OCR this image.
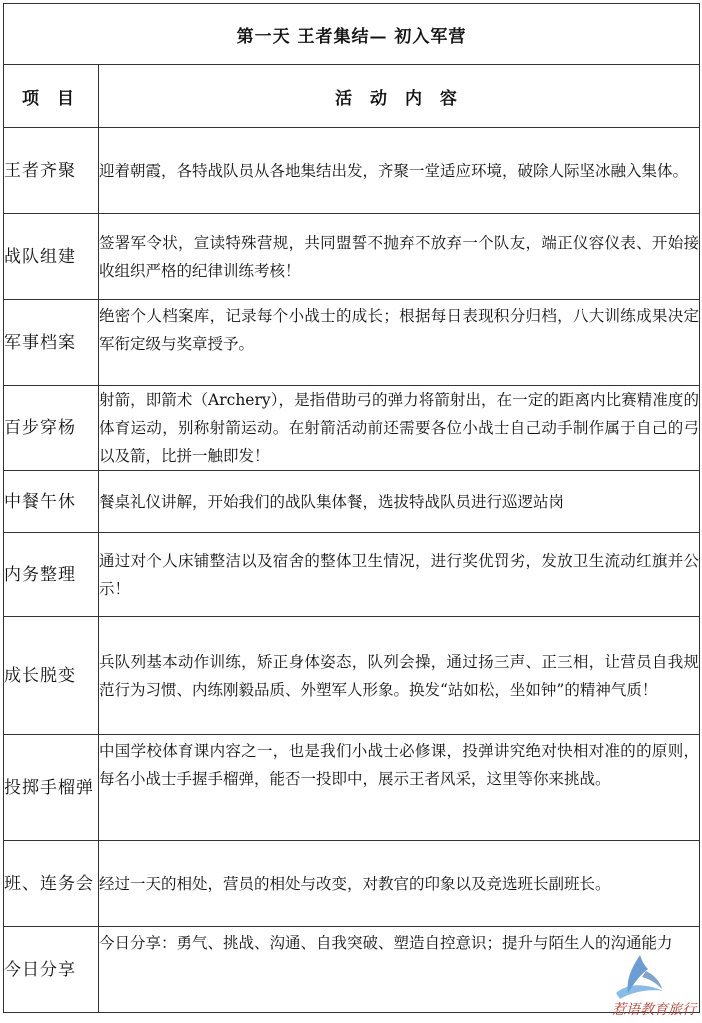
第一天 王者集结— 初入军营	
项 目	活 动 内 容
王者齐聚	迎着朝霞，各特战队员从各地集结出发，齐聚一堂适应环境，破除人际坚冰融入集体。
战队组建	签署军令状，宣读特殊营规，共同盟誓不抛弃不放弃一个队友，端正仪容仪表、开始接收组织严格的纪律训练考核！
军事档案	绝密个人档案库，记录每个小战士的成长；根据每日表现积分归档，八大训练成果决定军衔定级与奖章授予。
百步穿杨	射箭，即箭术（Archery），是指借助弓的弹力将箭射出，在一定的距离内比赛精准度的体育运动，别称射箭运动。在射箭活动前还需要各位小战士自己动手制作属于自己的弓以及箭，比拼一触即发！
中餐午休	餐桌礼仪讲解，开始我们的战队集体餐，选拔特战队员进行巡逻站岗
内务整理	通过对个人床铺整洁以及宿舍的整体卫生情况，进行奖优罚劣，发放卫生流动红旗并公示！
成长脱变	兵队列基本动作训练，矫正身体姿态，队列会操，通过扬三声、正三相，让营员自我规范行为习惯、内练刚毅品质、外塑军人形象。换发“站如松，坐如钟”的精神气质！
投掷手榴弹	中国学校体育课内容之一，也是我们小战士必修课，投弹讲究绝对快相对准的的原则，每名小战士手握手榴弹，能否一投即中，展示王者风采，这里等你来挑战。
班、连务会	经过一天的相处，营员的相处与改变，对教官的印象以及竞选班长副班长。
今日分享	今日分享：勇气、挑战、沟通、自我突破、塑造自控意识；提升与陌生人的沟通能力
惹语教育旅行
